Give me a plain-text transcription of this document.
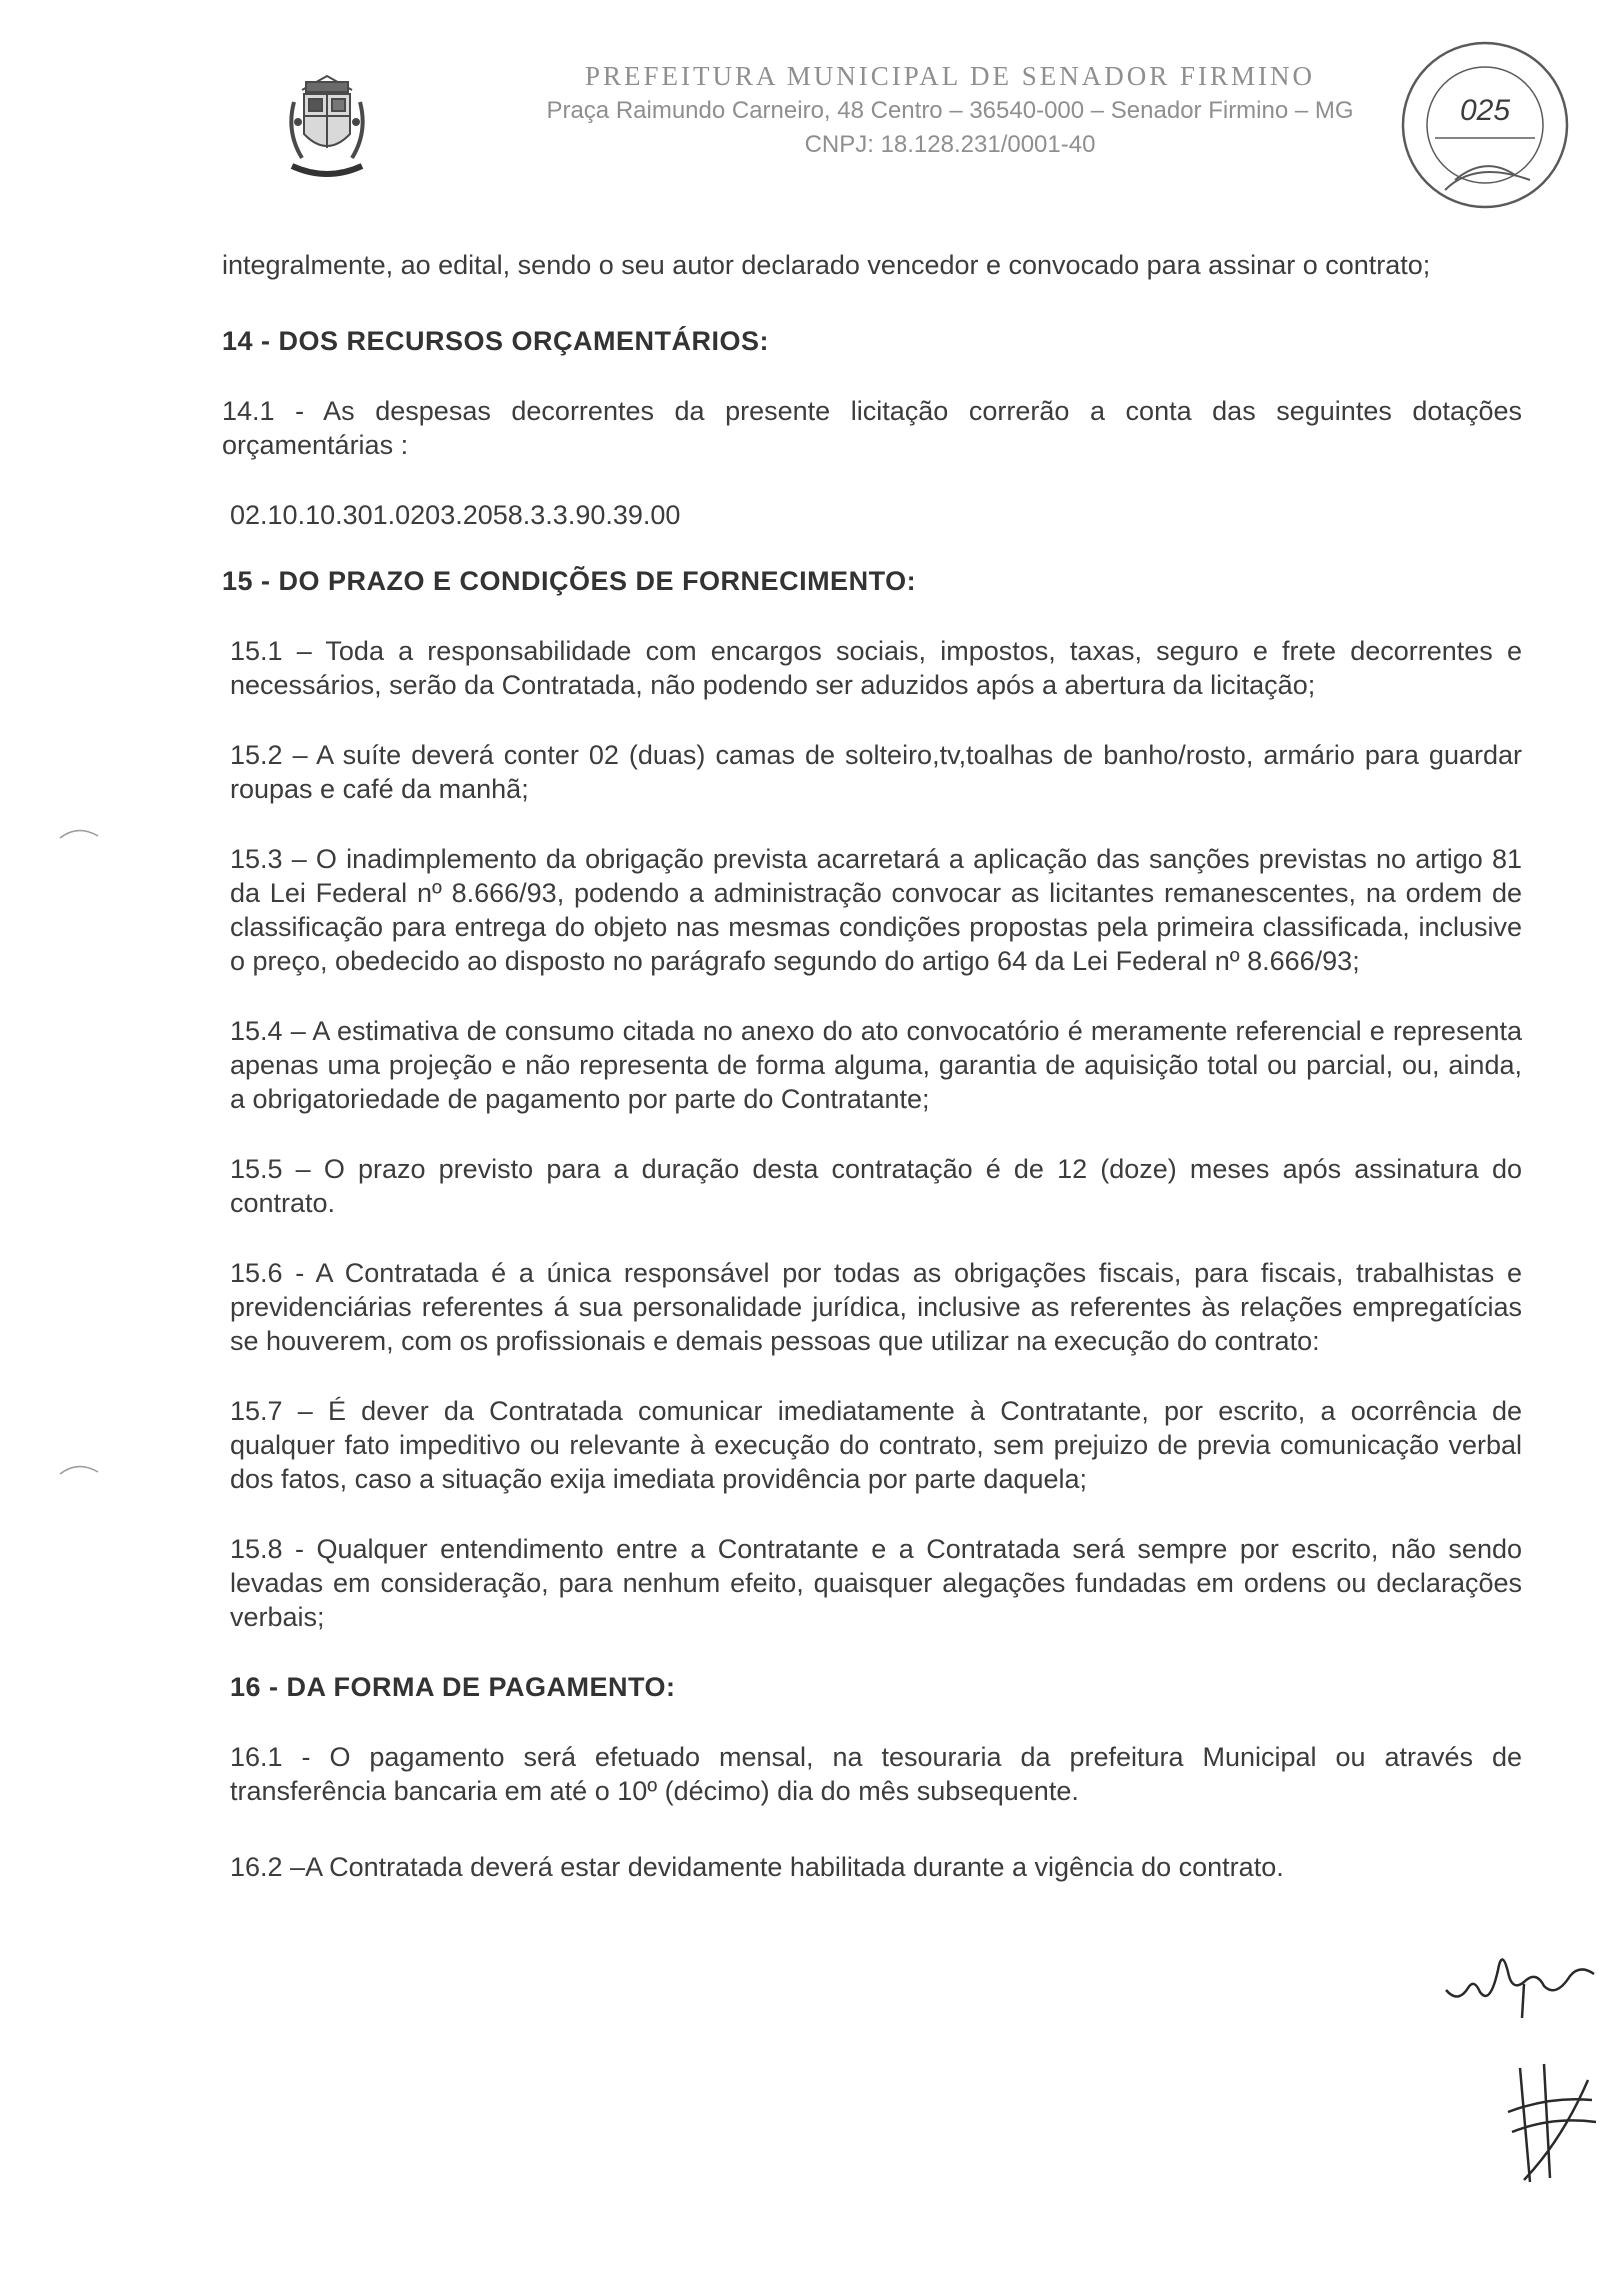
PREFEITURA MUNICIPAL DE SENADOR FIRMINO
Praça Raimundo Carneiro, 48 Centro – 36540-000 – Senador Firmino – MG
CNPJ: 18.128.231/0001-40
025

integralmente, ao edital, sendo o seu autor declarado vencedor e convocado para assinar o contrato;

14 - DOS RECURSOS ORÇAMENTÁRIOS:

14.1 - As despesas decorrentes da presente licitação correrão a conta das seguintes dotações orçamentárias :

02.10.10.301.0203.2058.3.3.90.39.00

15 - DO PRAZO E CONDIÇÕES DE FORNECIMENTO:

15.1 – Toda a responsabilidade com encargos sociais, impostos, taxas, seguro e frete decorrentes e necessários, serão da Contratada, não podendo ser aduzidos após a abertura da licitação;

15.2 – A suíte deverá conter 02 (duas) camas de solteiro,tv,toalhas de banho/rosto, armário para guardar roupas e café da manhã;

15.3 – O inadimplemento da obrigação prevista acarretará a aplicação das sanções previstas no artigo 81 da Lei Federal nº 8.666/93, podendo a administração convocar as licitantes remanescentes, na ordem de classificação para entrega do objeto nas mesmas condições propostas pela primeira classificada, inclusive o preço, obedecido ao disposto no parágrafo segundo do artigo 64 da Lei Federal nº 8.666/93;

15.4 – A estimativa de consumo citada no anexo do ato convocatório é meramente referencial e representa apenas uma projeção e não representa de forma alguma, garantia de aquisição total ou parcial, ou, ainda, a obrigatoriedade de pagamento por parte do Contratante;

15.5 – O prazo previsto para a duração desta contratação é de 12 (doze) meses após assinatura do contrato.

15.6 - A Contratada é a única responsável por todas as obrigações fiscais, para fiscais, trabalhistas e previdenciárias referentes á sua personalidade jurídica, inclusive as referentes às relações empregatícias se houverem, com os profissionais e demais pessoas que utilizar na execução do contrato:

15.7 – É dever da Contratada comunicar imediatamente à Contratante, por escrito, a ocorrência de qualquer fato impeditivo ou relevante à execução do contrato, sem prejuizo de previa comunicação verbal dos fatos, caso a situação exija imediata providência por parte daquela;

15.8 - Qualquer entendimento entre a Contratante e a Contratada será sempre por escrito, não sendo levadas em consideração, para nenhum efeito, quaisquer alegações fundadas em ordens ou declarações verbais;

16 - DA FORMA DE PAGAMENTO:

16.1 - O pagamento será efetuado mensal, na tesouraria da prefeitura Municipal ou através de transferência bancaria em até o 10º (décimo) dia do mês subsequente.

16.2 –A Contratada deverá estar devidamente habilitada durante a vigência do contrato.
